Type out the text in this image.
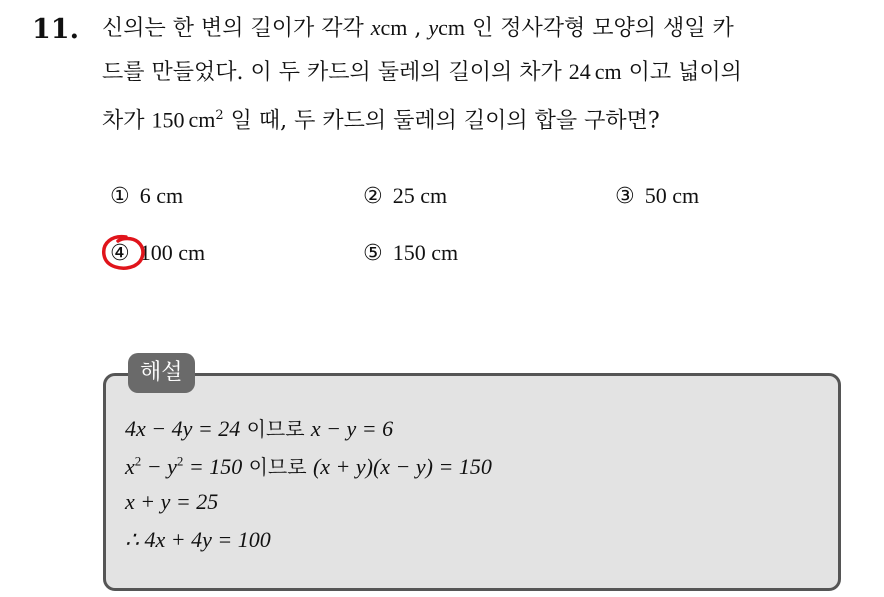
11. 신의는 한 변의 길이가 각각 xcm , ycm 인 정사각형 모양의 생일 카
드를 만들었다. 이 두 카드의 둘레의 길이의 차가 24 cm 이고 넓이의
차가 150 $cm^2$ 일 때, 두 카드의 둘레의 길이의 합을 구하면?
① 6 cm	② 25 cm	③ 50 cm
④ 100 cm	⑤ 150 cm
해설
4x − 4y = 24 이므로 x − y = 6
$x^2 - y^2 = 150$ 이므로 (x + y)(x − y) = 150
x + y = 25
∴ 4x + 4y = 100
